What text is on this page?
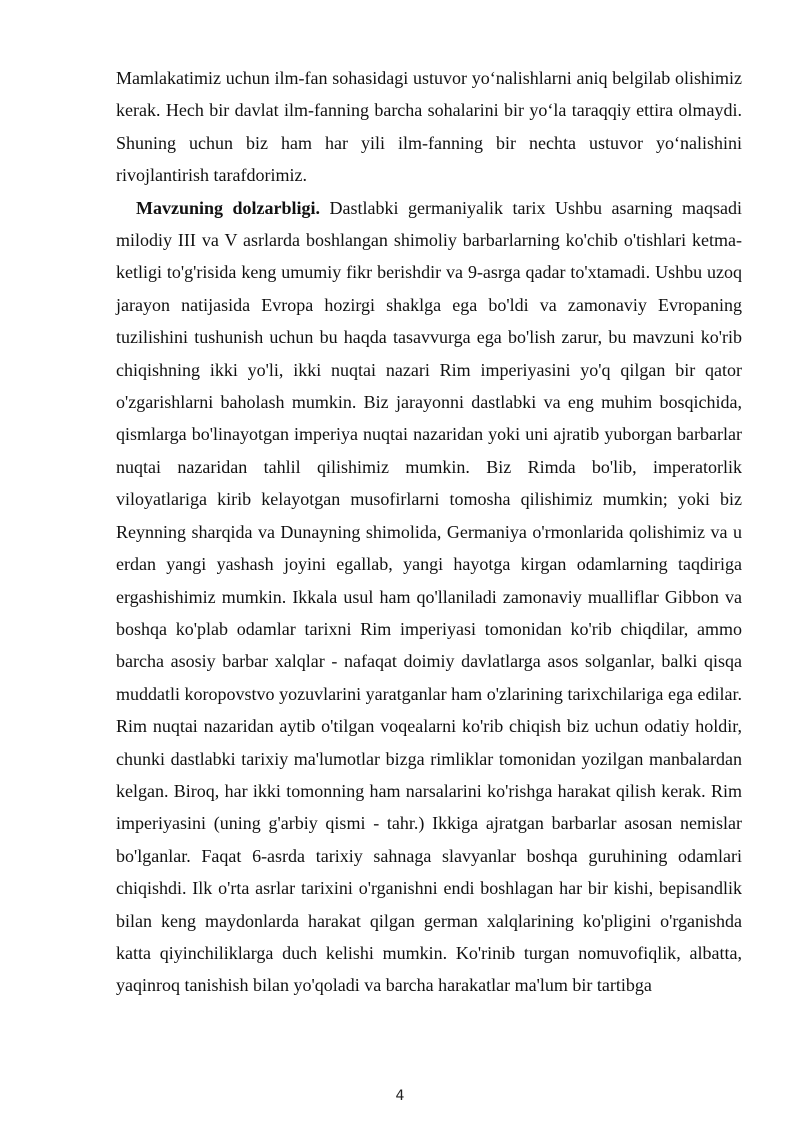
Mamlakatimiz uchun ilm-fan sohasidagi ustuvor yo‘nalishlarni aniq belgilab olishimiz kerak. Hech bir davlat ilm-fanning barcha sohalarini bir yo‘la taraqqiy ettira olmaydi. Shuning uchun biz ham har yili ilm-fanning bir nechta ustuvor yo‘nalishini rivojlantirish tarafdorimiz.

Mavzuning dolzarbligi. Dastlabki germaniyalik tarix Ushbu asarning maqsadi milodiy III va V asrlarda boshlangan shimoliy barbarlarning ko'chib o'tishlari ketma-ketligi to'g'risida keng umumiy fikr berishdir va 9-asrga qadar to'xtamadi. Ushbu uzoq jarayon natijasida Evropa hozirgi shaklga ega bo'ldi va zamonaviy Evropaning tuzilishini tushunish uchun bu haqda tasavvurga ega bo'lish zarur, bu mavzuni ko'rib chiqishning ikki yo'li, ikki nuqtai nazari Rim imperiyasini yo'q qilgan bir qator o'zgarishlarni baholash mumkin. Biz jarayonni dastlabki va eng muhim bosqichida, qismlarga bo'linayotgan imperiya nuqtai nazaridan yoki uni ajratib yuborgan barbarlar nuqtai nazaridan tahlil qilishimiz mumkin. Biz Rimda bo'lib, imperatorlik viloyatlariga kirib kelayotgan musofirlarni tomosha qilishimiz mumkin; yoki biz Reynning sharqida va Dunayning shimolida, Germaniya o'rmonlarida qolishimiz va u erdan yangi yashash joyini egallab, yangi hayotga kirgan odamlarning taqdiriga ergashishimiz mumkin. Ikkala usul ham qo'llaniladi zamonaviy mualliflar Gibbon va boshqa ko'plab odamlar tarixni Rim imperiyasi tomonidan ko'rib chiqdilar, ammo barcha asosiy barbar xalqlar - nafaqat doimiy davlatlarga asos solganlar, balki qisqa muddatli koropovstvo yozuvlarini yaratganlar ham o'zlarining tarixchilariga ega edilar. Rim nuqtai nazaridan aytib o'tilgan voqealarni ko'rib chiqish biz uchun odatiy holdir, chunki dastlabki tarixiy ma'lumotlar bizga rimliklar tomonidan yozilgan manbalardan kelgan. Biroq, har ikki tomonning ham narsalarini ko'rishga harakat qilish kerak. Rim imperiyasini (uning g'arbiy qismi - tahr.) Ikkiga ajratgan barbarlar asosan nemislar bo'lganlar. Faqat 6-asrda tarixiy sahnaga slavyanlar boshqa guruhining odamlari chiqishdi. Ilk o'rta asrlar tarixini o'rganishni endi boshlagan har bir kishi, bepisandlik bilan keng maydonlarda harakat qilgan german xalqlarining ko'pligini o'rganishda katta qiyinchiliklarga duch kelishi mumkin. Ko'rinib turgan nomuvofiqlik, albatta, yaqinroq tanishish bilan yo'qoladi va barcha harakatlar ma'lum bir tartibga

4
